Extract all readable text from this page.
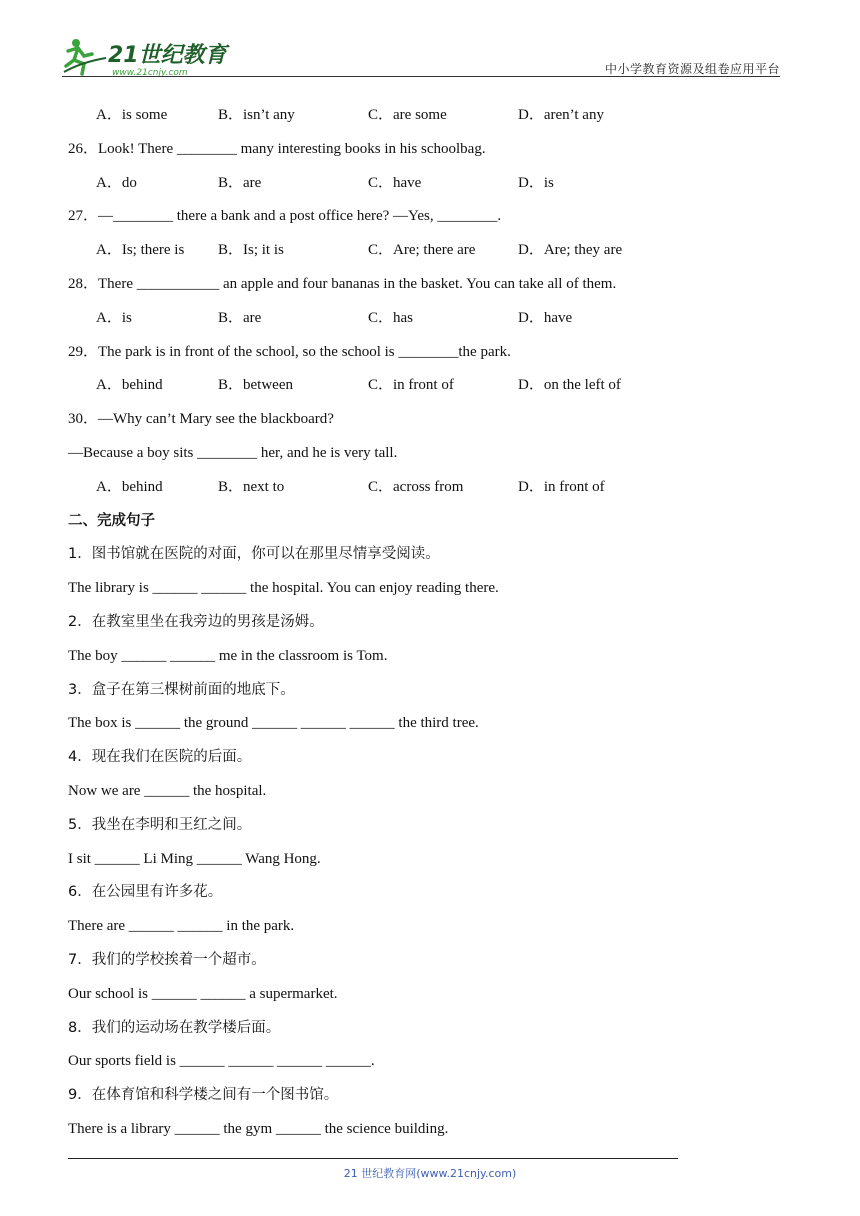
21世纪教育
www.21cnjy.com	中小学教育资源及组卷应用平台
A．is some	B．isn’t any	C．are some	D．aren’t any
26．Look! There ________ many interesting books in his schoolbag.
A．do	B．are	C．have	D．is
27．—________ there a bank and a post office here? —Yes, ________.
A．Is; there is B．Is; it is	C．Are; there are	D．Are; they are
28．There ___________ an apple and four bananas in the basket. You can take all of them.
A．is	B．are	C．has	D．have
29．The park is in front of the school, so the school is ________the park.
A．behind	B．between	C．in front of	D．on the left of
30．—Why can’t Mary see the blackboard?
—Because a boy sits ________ her, and he is very tall.
A．behind	B．next to	C．across from	D．in front of
二、完成句子
1．图书馆就在医院的对面，你可以在那里尽情享受阅读。
The library is ______ ______ the hospital. You can enjoy reading there.
2．在教室里坐在我旁边的男孩是汤姆。
The boy ______ ______ me in the classroom is Tom.
3．盒子在第三棵树前面的地底下。
The box is ______ the ground ______ ______ ______ the third tree.
4．现在我们在医院的后面。
Now we are ______ the hospital.
5．我坐在李明和王红之间。
I sit ______ Li Ming ______ Wang Hong.
6．在公园里有许多花。
There are ______ ______ in the park.
7．我们的学校挨着一个超市。
Our school is ______ ______ a supermarket.
8．我们的运动场在教学楼后面。
Our sports field is ______ ______ ______ ______.
9．在体育馆和科学楼之间有一个图书馆。
There is a library ______ the gym ______ the science building.
21 世纪教育网(www.21cnjy.com)
